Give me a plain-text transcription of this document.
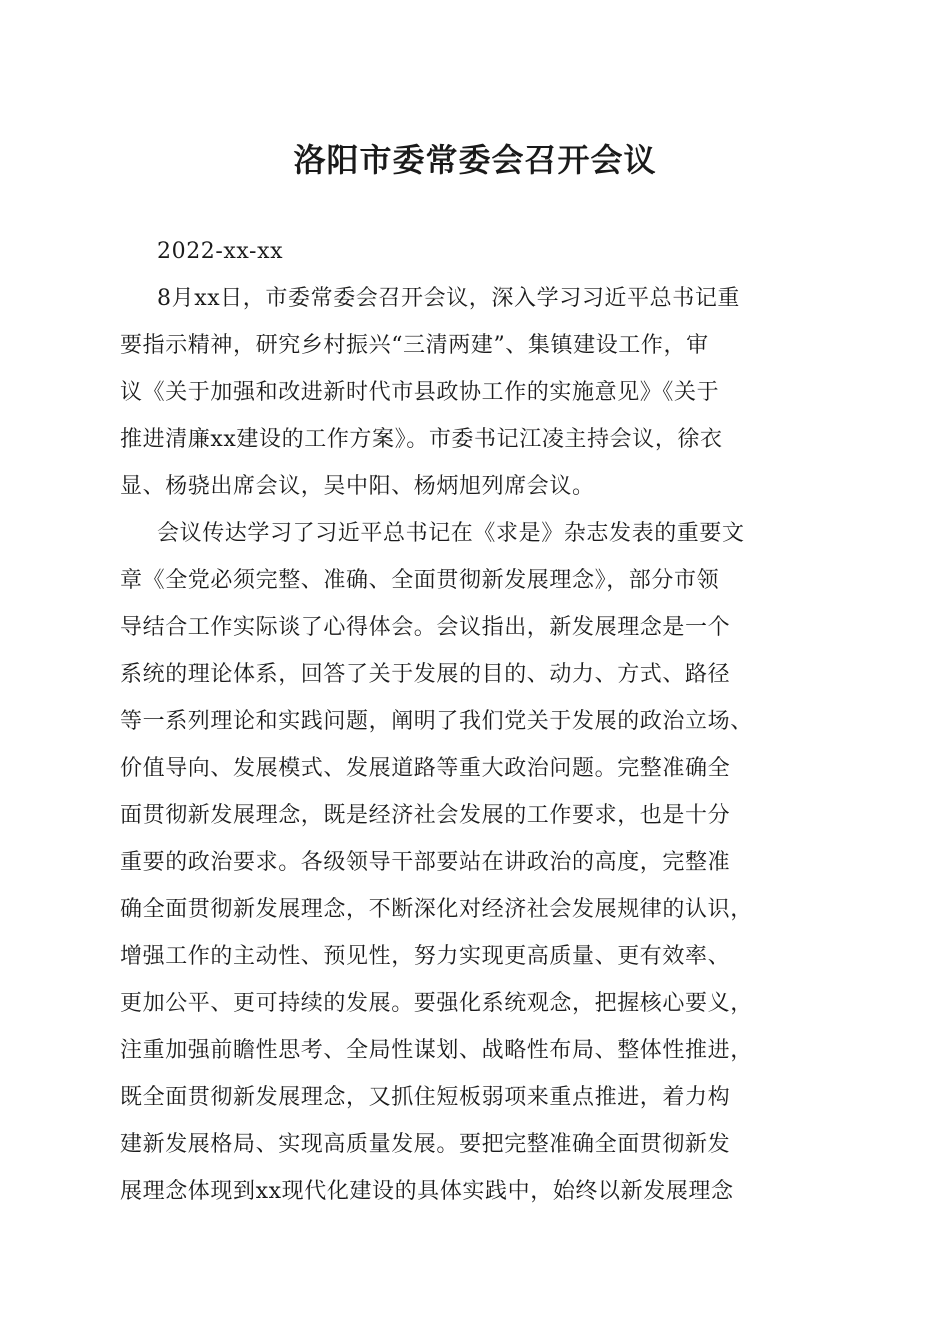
洛阳市委常委会召开会议
2022-xx-xx
8月xx日，市委常委会召开会议，深入学习习近平总书记重
要指示精神，研究乡村振兴“三清两建”、集镇建设工作，审
议《关于加强和改进新时代市县政协工作的实施意见》《关于
推进清廉xx建设的工作方案》。市委书记江凌主持会议，徐衣
显、杨骁出席会议，吴中阳、杨炳旭列席会议。
会议传达学习了习近平总书记在《求是》杂志发表的重要文
章《全党必须完整、准确、全面贯彻新发展理念》，部分市领
导结合工作实际谈了心得体会。会议指出，新发展理念是一个
系统的理论体系，回答了关于发展的目的、动力、方式、路径
等一系列理论和实践问题，阐明了我们党关于发展的政治立场、
价值导向、发展模式、发展道路等重大政治问题。完整准确全
面贯彻新发展理念，既是经济社会发展的工作要求，也是十分
重要的政治要求。各级领导干部要站在讲政治的高度，完整准
确全面贯彻新发展理念，不断深化对经济社会发展规律的认识，
增强工作的主动性、预见性，努力实现更高质量、更有效率、
更加公平、更可持续的发展。要强化系统观念，把握核心要义，
注重加强前瞻性思考、全局性谋划、战略性布局、整体性推进，
既全面贯彻新发展理念，又抓住短板弱项来重点推进，着力构
建新发展格局、实现高质量发展。要把完整准确全面贯彻新发
展理念体现到xx现代化建设的具体实践中，始终以新发展理念
